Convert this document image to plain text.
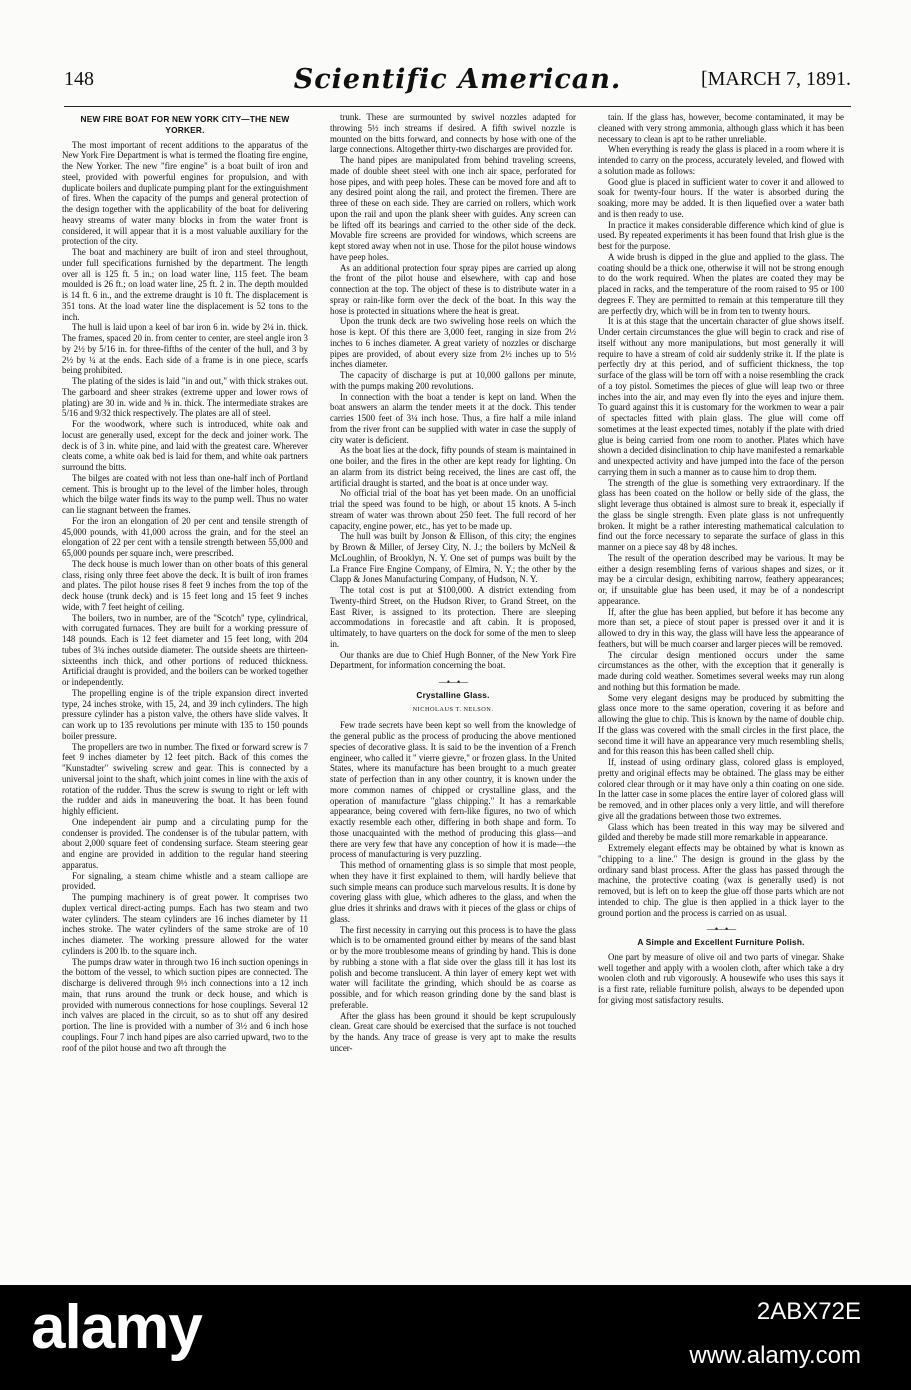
148	Scientific American.	[MARCH 7, 1891.
NEW FIRE BOAT FOR NEW YORK CITY—THE NEW YORKER.

The most important of recent additions to the apparatus of the New York Fire Department is what is termed the floating fire engine, the New Yorker. The new "fire engine" is a boat built of iron and steel, provided with powerful engines for propulsion, and with duplicate boilers and duplicate pumping plant for the extinguishment of fires. When the capacity of the pumps and general protection of the design together with the applicability of the boat for delivering heavy streams of water many blocks in from the water front is considered, it will appear that it is a most valuable auxiliary for the protection of the city.

The boat and machinery are built of iron and steel throughout, under full specifications furnished by the department. The length over all is 125 ft. 5 in.; on load water line, 115 feet. The beam moulded is 26 ft.; on load water line, 25 ft. 2 in. The depth moulded is 14 ft. 6 in., and the extreme draught is 10 ft. The displacement is 351 tons. At the load water line the displacement is 52 tons to the inch.

The hull is laid upon a keel of bar iron 6 in. wide by 2¼ in. thick. The frames, spaced 20 in. from center to center, are steel angle iron 3 by 2½ by 5/16 in. for three-fifths of the center of the hull, and 3 by 2½ by ¼ at the ends. Each side of a frame is in one piece, scarfs being prohibited.

The plating of the sides is laid "in and out," with thick strakes out. The garboard and sheer strakes (extreme upper and lower rows of plating) are 30 in. wide and ⅜ in. thick. The intermediate strakes are 5/16 and 9/32 thick respectively. The plates are all of steel.

For the woodwork, where such is introduced, white oak and locust are generally used, except for the deck and joiner work. The deck is of 3 in. white pine, and laid with the greatest care. Wherever cleats come, a white oak bed is laid for them, and white oak partners surround the bitts.

The bilges are coated with not less than one-half inch of Portland cement. This is brought up to the level of the limber holes, through which the bilge water finds its way to the pump well. Thus no water can lie stagnant between the frames.

For the iron an elongation of 20 per cent and tensile strength of 45,000 pounds, with 41,000 across the grain, and for the steel an elongation of 22 per cent with a tensile strength between 55,000 and 65,000 pounds per square inch, were prescribed.

The deck house is much lower than on other boats of this general class, rising only three feet above the deck. It is built of iron frames and plates. The pilot house rises 8 feet 9 inches from the top of the deck house (trunk deck) and is 15 feet long and 15 feet 9 inches wide, with 7 feet height of ceiling.

The boilers, two in number, are of the "Scotch" type, cylindrical, with corrugated furnaces. They are built for a working pressure of 148 pounds. Each is 12 feet diameter and 15 feet long, with 204 tubes of 3¼ inches outside diameter. The outside sheets are thirteen-sixteenths inch thick, and other portions of reduced thickness. Artificial draught is provided, and the boilers can be worked together or independently.

The propelling engine is of the triple expansion direct inverted type, 24 inches stroke, with 15, 24, and 39 inch cylinders. The high pressure cylinder has a piston valve, the others have slide valves. It can work up to 135 revolutions per minute with 135 to 150 pounds boiler pressure.

The propellers are two in number. The fixed or forward screw is 7 feet 9 inches diameter by 12 feet pitch. Back of this comes the "Kunstadter" swiveling screw and gear. This is connected by a universal joint to the shaft, which joint comes in line with the axis of rotation of the rudder. Thus the screw is swung to right or left with the rudder and aids in maneuvering the boat. It has been found highly efficient.

One independent air pump and a circulating pump for the condenser is provided. The condenser is of the tubular pattern, with about 2,000 square feet of condensing surface. Steam steering gear and engine are provided in addition to the regular hand steering apparatus.

For signaling, a steam chime whistle and a steam calliope are provided.

The pumping machinery is of great power. It comprises two duplex vertical direct-acting pumps. Each has two steam and two water cylinders. The steam cylinders are 16 inches diameter by 11 inches stroke. The water cylinders of the same stroke are of 10 inches diameter. The working pressure allowed for the water cylinders is 200 lb. to the square inch.

The pumps draw water in through two 16 inch suction openings in the bottom of the vessel, to which suction pipes are connected. The discharge is delivered through 9½ inch connections into a 12 inch main, that runs around the trunk or deck house, and which is provided with numerous connections for hose couplings. Several 12 inch valves are placed in the circuit, so as to shut off any desired portion. The line is provided with a number of 3½ and 6 inch hose couplings. Four 7 inch hand pipes are also carried upward, two to the roof of the pilot house and two aft through the

trunk. These are surmounted by swivel nozzles adapted for throwing 5½ inch streams if desired. A fifth swivel nozzle is mounted on the bitts forward, and connects by hose with one of the large connections. Altogether thirty-two discharges are provided for.

The hand pipes are manipulated from behind traveling screens, made of double sheet steel with one inch air space, perforated for hose pipes, and with peep holes. These can be moved fore and aft to any desired point along the rail, and protect the firemen. There are three of these on each side. They are carried on rollers, which work upon the rail and upon the plank sheer with guides. Any screen can be lifted off its bearings and carried to the other side of the deck. Movable fire screens are provided for windows, which screens are kept stored away when not in use. Those for the pilot house windows have peep holes.

As an additional protection four spray pipes are carried up along the front of the pilot house and elsewhere, with cap and hose connection at the top. The object of these is to distribute water in a spray or rain-like form over the deck of the boat. In this way the hose is protected in situations where the heat is great.

Upon the trunk deck are two swiveling hose reels on which the hose is kept. Of this there are 3,000 feet, ranging in size from 2½ inches to 6 inches diameter. A great variety of nozzles or discharge pipes are provided, of about every size from 2½ inches up to 5½ inches diameter.

The capacity of discharge is put at 10,000 gallons per minute, with the pumps making 200 revolutions.

In connection with the boat a tender is kept on land. When the boat answers an alarm the tender meets it at the dock. This tender carries 1500 feet of 3¼ inch hose. Thus, a fire half a mile inland from the river front can be supplied with water in case the supply of city water is deficient.

As the boat lies at the dock, fifty pounds of steam is maintained in one boiler, and the fires in the other are kept ready for lighting. On an alarm from its district being received, the lines are cast off, the artificial draught is started, and the boat is at once under way.

No official trial of the boat has yet been made. On an unofficial trial the speed was found to be high, or about 15 knots. A 5-inch stream of water was thrown about 250 feet. The full record of her capacity, engine power, etc., has yet to be made up.

The hull was built by Jonson & Ellison, of this city; the engines by Brown & Miller, of Jersey City, N. J.; the boilers by McNeil & McLoughlin, of Brooklyn, N. Y. One set of pumps was built by the La France Fire Engine Company, of Elmira, N. Y.; the other by the Clapp & Jones Manufacturing Company, of Hudson, N. Y.

The total cost is put at $100,000. A district extending from Twenty-third Street, on the Hudson River, to Grand Street, on the East River, is assigned to its protection. There are sleeping accommodations in forecastle and aft cabin. It is proposed, ultimately, to have quarters on the dock for some of the men to sleep in.

Our thanks are due to Chief Hugh Bonner, of the New York Fire Department, for information concerning the boat.

—•—•—
Crystalline Glass.
NICHOLAUS T. NELSON.

Few trade secrets have been kept so well from the knowledge of the general public as the process of producing the above mentioned species of decorative glass. It is said to be the invention of a French engineer, who called it " vierre gievre," or frozen glass. In the United States, where its manufacture has been brought to a much greater state of perfection than in any other country, it is known under the more common names of chipped or crystalline glass, and the operation of manufacture "glass chipping." It has a remarkable appearance, being covered with fern-like figures, no two of which exactly resemble each other, differing in both shape and form. To those unacquainted with the method of producing this glass—and there are very few that have any conception of how it is made—the process of manufacturing is very puzzling.

This method of ornamenting glass is so simple that most people, when they have it first explained to them, will hardly believe that such simple means can produce such marvelous results. It is done by covering glass with glue, which adheres to the glass, and when the glue dries it shrinks and draws with it pieces of the glass or chips of glass.

The first necessity in carrying out this process is to have the glass which is to be ornamented ground either by means of the sand blast or by the more troublesome means of grinding by hand. This is done by rubbing a stone with a flat side over the glass till it has lost its polish and become translucent. A thin layer of emery kept wet with water will facilitate the grinding, which should be as coarse as possible, and for which reason grinding done by the sand blast is preferable.

After the glass has been ground it should be kept scrupulously clean. Great care should be exercised that the surface is not touched by the hands. Any trace of grease is very apt to make the results uncer-

tain. If the glass has, however, become contaminated, it may be cleaned with very strong ammonia, although glass which it has been necessary to clean is apt to be rather unreliable.

When everything is ready the glass is placed in a room where it is intended to carry on the process, accurately leveled, and flowed with a solution made as follows:

Good glue is placed in sufficient water to cover it and allowed to soak for twenty-four hours. If the water is absorbed during the soaking, more may be added. It is then liquefied over a water bath and is then ready to use.

In practice it makes considerable difference which kind of glue is used. By repeated experiments it has been found that Irish glue is the best for the purpose.

A wide brush is dipped in the glue and applied to the glass. The coating should be a thick one, otherwise it will not be strong enough to do the work required. When the plates are coated they may be placed in racks, and the temperature of the room raised to 95 or 100 degrees F. They are permitted to remain at this temperature till they are perfectly dry, which will be in from ten to twenty hours.

It is at this stage that the uncertain character of glue shows itself. Under certain circumstances the glue will begin to crack and rise of itself without any more manipulations, but most generally it will require to have a stream of cold air suddenly strike it. If the plate is perfectly dry at this period, and of sufficient thickness, the top surface of the glass will be torn off with a noise resembling the crack of a toy pistol. Sometimes the pieces of glue will leap two or three inches into the air, and may even fly into the eyes and injure them. To guard against this it is customary for the workmen to wear a pair of spectacles fitted with plain glass. The glue will come off sometimes at the least expected times, notably if the plate with dried glue is being carried from one room to another. Plates which have shown a decided disinclination to chip have manifested a remarkable and unexpected activity and have jumped into the face of the person carrying them in such a manner as to cause him to drop them.

The strength of the glue is something very extraordinary. If the glass has been coated on the hollow or belly side of the glass, the slight leverage thus obtained is almost sure to break it, especially if the glass be single strength. Even plate glass is not unfrequently broken. It might be a rather interesting mathematical calculation to find out the force necessary to separate the surface of glass in this manner on a piece say 48 by 48 inches.

The result of the operation described may be various. It may be either a design resembling ferns of various shapes and sizes, or it may be a circular design, exhibiting narrow, feathery appearances; or, if unsuitable glue has been used, it may be of a nondescript appearance.

If, after the glue has been applied, but before it has become any more than set, a piece of stout paper is pressed over it and it is allowed to dry in this way, the glass will have less the appearance of feathers, but will be much coarser and larger pieces will be removed.

The circular design mentioned occurs under the same circumstances as the other, with the exception that it generally is made during cold weather. Sometimes several weeks may run along and nothing but this formation be made.

Some very elegant designs may be produced by submitting the glass once more to the same operation, covering it as before and allowing the glue to chip. This is known by the name of double chip. If the glass was covered with the small circles in the first place, the second time it will have an appearance very much resembling shells, and for this reason this has been called shell chip.

If, instead of using ordinary glass, colored glass is employed, pretty and original effects may be obtained. The glass may be either colored clear through or it may have only a thin coating on one side. In the latter case in some places the entire layer of colored glass will be removed, and in other places only a very little, and will therefore give all the gradations between those two extremes.

Glass which has been treated in this way may be silvered and gilded and thereby be made still more remarkable in appearance.

Extremely elegant effects may be obtained by what is known as "chipping to a line." The design is ground in the glass by the ordinary sand blast process. After the glass has passed through the machine, the protective coating (wax is generally used) is not removed, but is left on to keep the glue off those parts which are not intended to chip. The glue is then applied in a thick layer to the ground portion and the process is carried on as usual.

—•—•—
A Simple and Excellent Furniture Polish.

One part by measure of olive oil and two parts of vinegar. Shake well together and apply with a woolen cloth, after which take a dry woolen cloth and rub vigorously. A housewife who uses this says it is a first rate, reliable furniture polish, always to be depended upon for giving most satisfactory results.

alamy	2ABX72E
www.alamy.com
